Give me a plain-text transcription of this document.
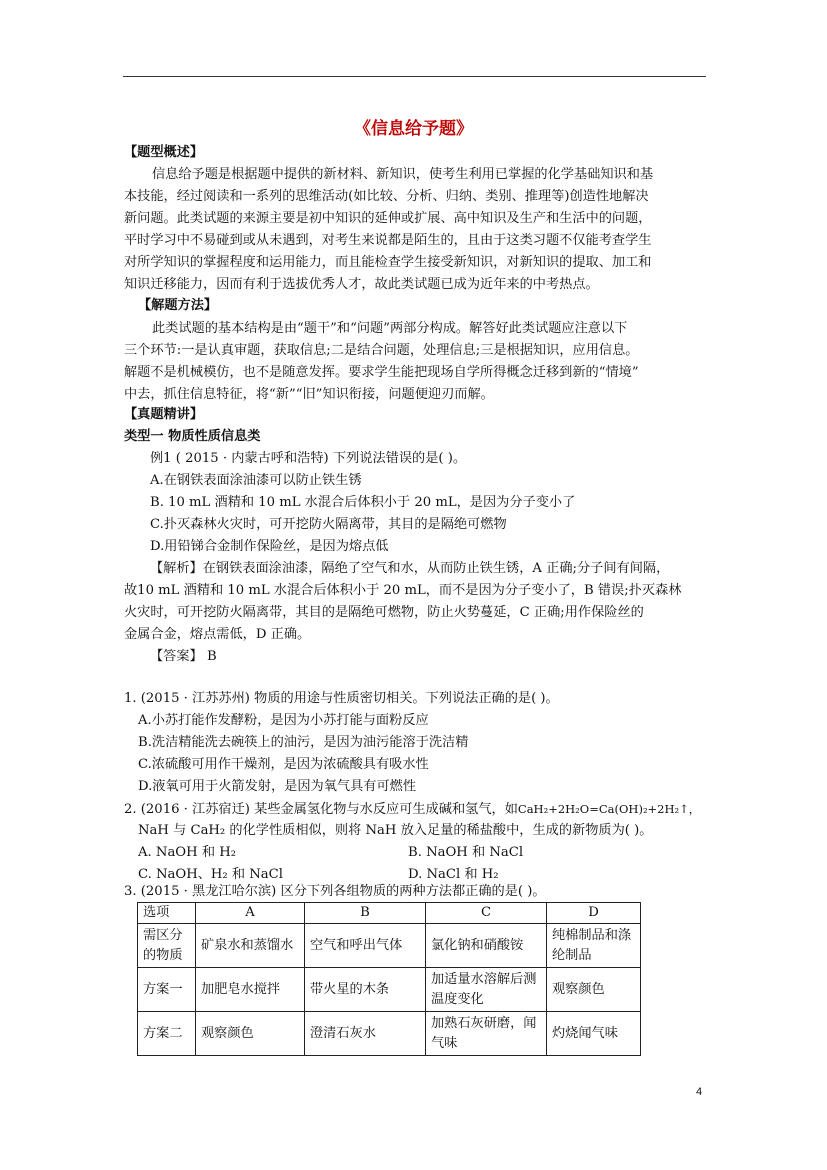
《信息给予题》
【题型概述】
信息给予题是根据题中提供的新材料、新知识，使考生利用已掌握的化学基础知识和基
本技能，经过阅读和一系列的思维活动(如比较、分析、归纳、类别、推理等)创造性地解决
新问题。此类试题的来源主要是初中知识的延伸或扩展、高中知识及生产和生活中的问题，
平时学习中不易碰到或从未遇到，对考生来说都是陌生的，且由于这类习题不仅能考查学生
对所学知识的掌握程度和运用能力，而且能检查学生接受新知识，对新知识的提取、加工和
知识迁移能力，因而有利于选拔优秀人才，故此类试题已成为近年来的中考热点。
【解题方法】
此类试题的基本结构是由“题干”和“问题”两部分构成。解答好此类试题应注意以下
三个环节:一是认真审题，获取信息;二是结合问题，处理信息;三是根据知识，应用信息。
解题不是机械模仿，也不是随意发挥。要求学生能把现场自学所得概念迁移到新的“情境”
中去，抓住信息特征，将“新”“旧”知识衔接，问题便迎刃而解。
【真题精讲】
类型一 物质性质信息类
例1 ( 2015 · 内蒙古呼和浩特) 下列说法错误的是( )。
A.在钢铁表面涂油漆可以防止铁生锈
B. 10 mL 酒精和 10 mL 水混合后体积小于 20 mL，是因为分子变小了
C.扑灭森林火灾时，可开挖防火隔离带，其目的是隔绝可燃物
D.用铅锑合金制作保险丝，是因为熔点低
【解析】在钢铁表面涂油漆，隔绝了空气和水，从而防止铁生锈，A 正确;分子间有间隔，
故10 mL 酒精和 10 mL 水混合后体积小于 20 mL，而不是因为分子变小了，B 错误;扑灭森林
火灾时，可开挖防火隔离带，其目的是隔绝可燃物，防止火势蔓延，C 正确;用作保险丝的
金属合金，熔点需低，D 正确。
【答案】 B
1. (2015 · 江苏苏州) 物质的用途与性质密切相关。下列说法正确的是( )。
A.小苏打能作发酵粉，是因为小苏打能与面粉反应
B.洗洁精能洗去碗筷上的油污，是因为油污能溶于洗洁精
C.浓硫酸可用作干燥剂，是因为浓硫酸具有吸水性
D.液氧可用于火箭发射，是因为氧气具有可燃性
2. (2016 · 江苏宿迁) 某些金属氢化物与水反应可生成碱和氢气，如CaH₂+2H₂O=Ca(OH)₂+2H₂↑，
NaH 与 CaH₂ 的化学性质相似，则将 NaH 放入足量的稀盐酸中，生成的新物质为( )。
A. NaOH 和 H₂	B. NaOH 和 NaCl
C. NaOH、H₂ 和 NaCl	D. NaCl 和 H₂
3. (2015 · 黑龙江哈尔滨) 区分下列各组物质的两种方法都正确的是( )。
选项	A	B	C	D
需区分的物质	矿泉水和蒸馏水	空气和呼出气体	氯化钠和硝酸铵	纯棉制品和涤纶制品
方案一	加肥皂水搅拌	带火星的木条	加适量水溶解后测温度变化	观察颜色
方案二	观察颜色	澄清石灰水	加熟石灰研磨，闻气味	灼烧闻气味
4
